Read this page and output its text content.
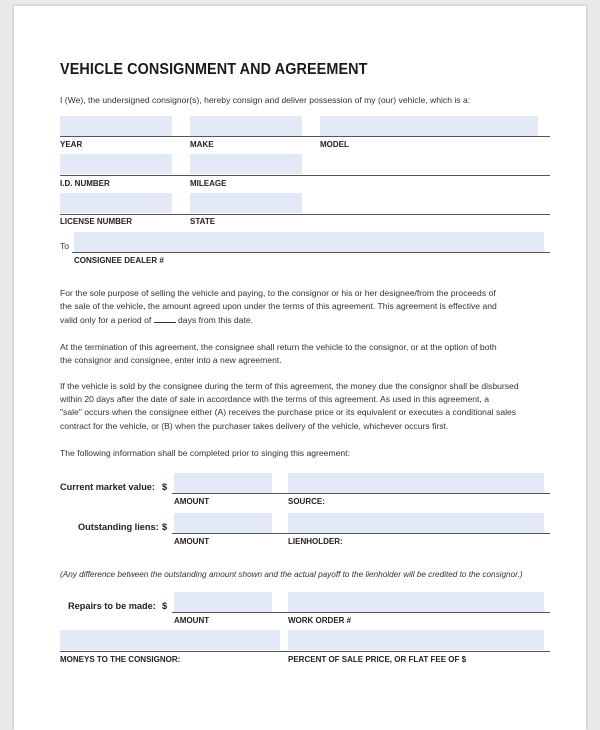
VEHICLE CONSIGNMENT AND AGREEMENT
I (We), the undersigned consignor(s), hereby consign and deliver possession of my (our) vehicle, which is a:
YEAR	MAKE	MODEL
I.D. NUMBER	MILEAGE
LICENSE NUMBER	STATE
To
CONSIGNEE DEALER #
For the sole purpose of selling the vehicle and paying, to the consignor or his or her designee/from the proceeds of
the sale of the vehicle, the amount agreed upon under the terms of this agreement. This agreement is effective and
valid only for a period of	days from this date.
At the termination of this agreement, the consignee shall return the vehicle to the consignor, or at the option of both
the consignor and consignee, enter into a new agreement.
If the vehicle is sold by the consignee during the term of this agreement, the money due the consignor shall be disbursed
within 20 days after the date of sale in accordance with the terms of this agreement. As used in this agreement, a
"sale" occurs when the consignee either (A) receives the purchase price or its equivalent or executes a conditional sales
contract for the vehicle, or (B) when the purchaser takes delivery of the vehicle, whichever occurs first.
The following information shall be completed prior to singing this agreement:
Current market value: $
AMOUNT	SOURCE:
Outstanding liens: $
AMOUNT	LIENHOLDER:
(Any difference between the outstanding amount shown and the actual payoff to the lienholder will be credited to the consignor.)
Repairs to be made: $
AMOUNT	WORK ORDER #
MONEYS TO THE CONSIGNOR:	PERCENT OF SALE PRICE, OR FLAT FEE OF $
